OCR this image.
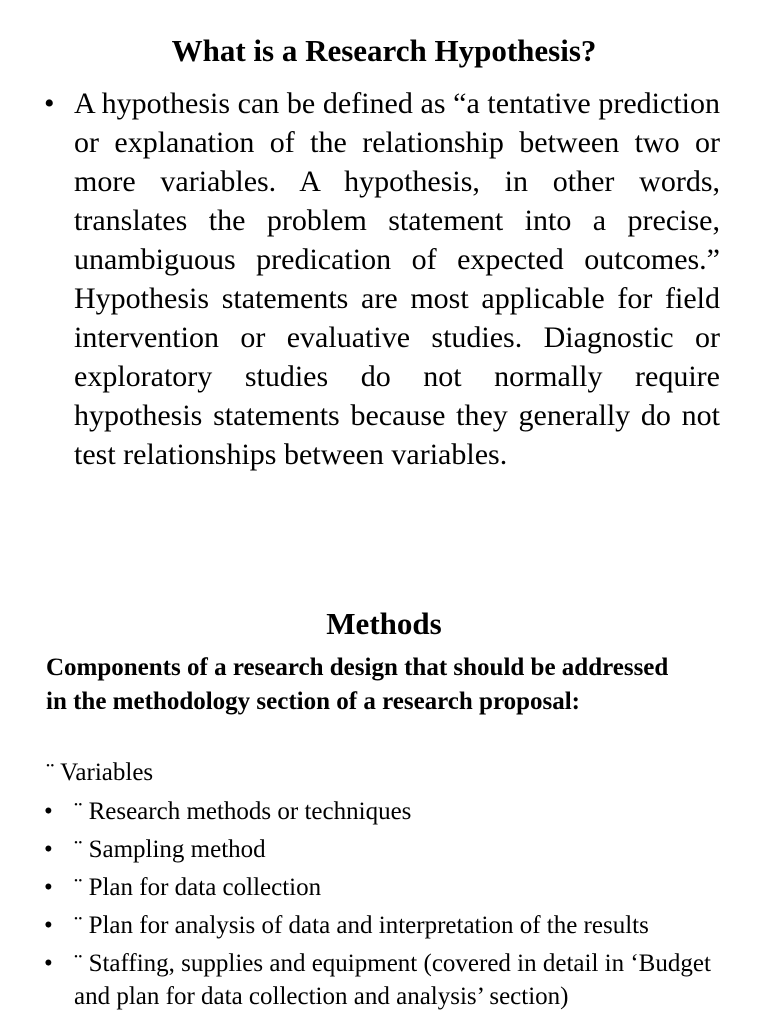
What is a Research Hypothesis?
• A hypothesis can be defined as “a tentative prediction or explanation of the relationship between two or more variables. A hypothesis, in other words, translates the problem statement into a precise, unambiguous predication of expected outcomes.” Hypothesis statements are most applicable for field intervention or evaluative studies. Diagnostic or exploratory studies do not normally require hypothesis statements because they generally do not test relationships between variables.

Methods

Components of a research design that should be addressed in the methodology section of a research proposal:

¨ Variables
• ¨ Research methods or techniques
• ¨ Sampling method
• ¨ Plan for data collection
• ¨ Plan for analysis of data and interpretation of the results
• ¨ Staffing, supplies and equipment (covered in detail in ‘Budget and plan for data collection and analysis’ section)
